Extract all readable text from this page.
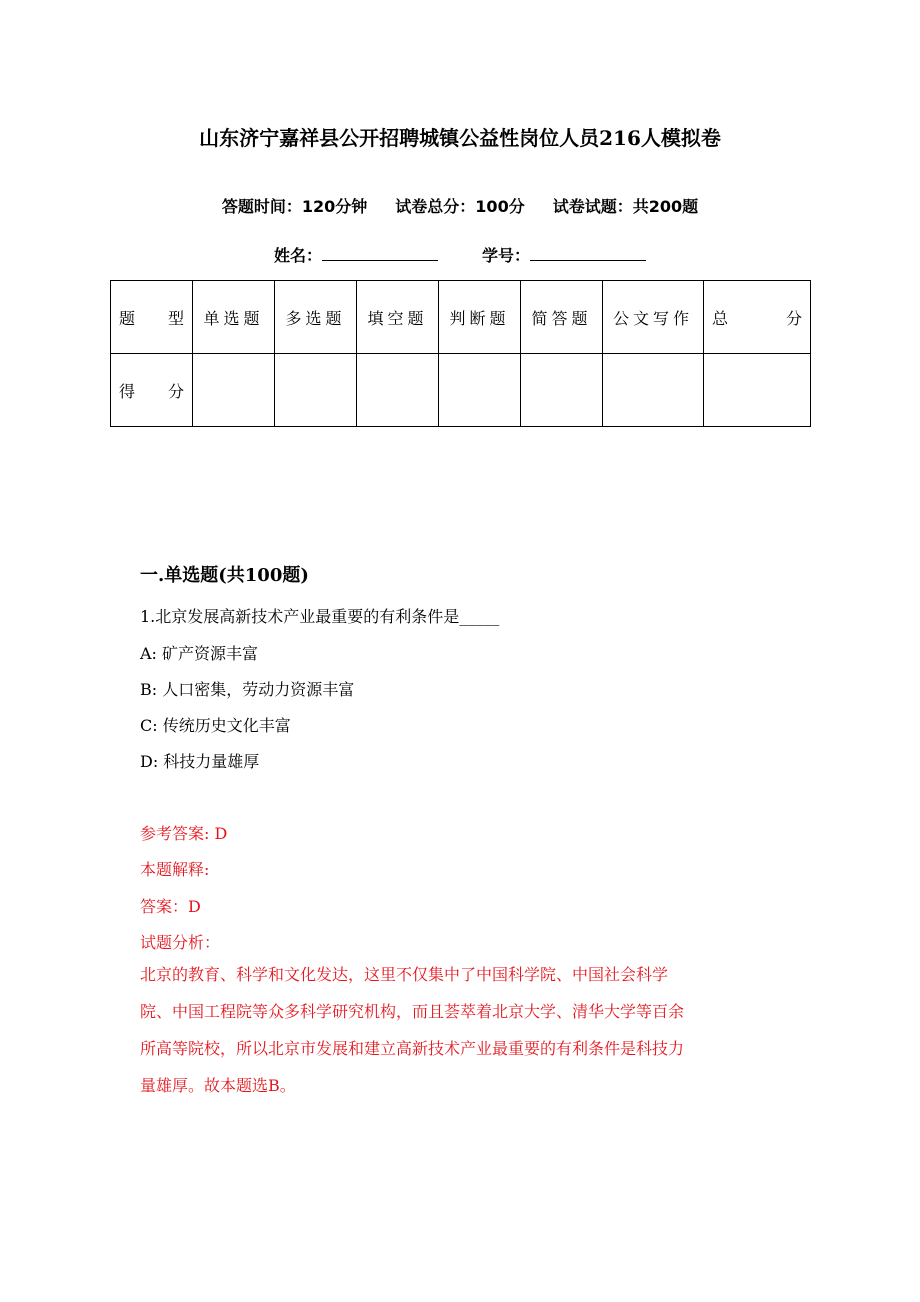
山东济宁嘉祥县公开招聘城镇公益性岗位人员216人模拟卷
答题时间：120分钟 试卷总分：100分 试卷试题：共200题
姓名：	学号：
题 型	单选题	多选题	填空题	判断题	简答题	公文写作	总 分

得 分							

一.单选题(共100题)
1.北京发展高新技术产业最重要的有利条件是_____
A: 矿产资源丰富
B: 人口密集，劳动力资源丰富
C: 传统历史文化丰富
D: 科技力量雄厚
参考答案: D
本题解释:
答案：D
试题分析：
北京的教育、科学和文化发达，这里不仅集中了中国科学院、中国社会科学
院、中国工程院等众多科学研究机构，而且荟萃着北京大学、清华大学等百余
所高等院校，所以北京市发展和建立高新技术产业最重要的有利条件是科技力
量雄厚。故本题选B。
